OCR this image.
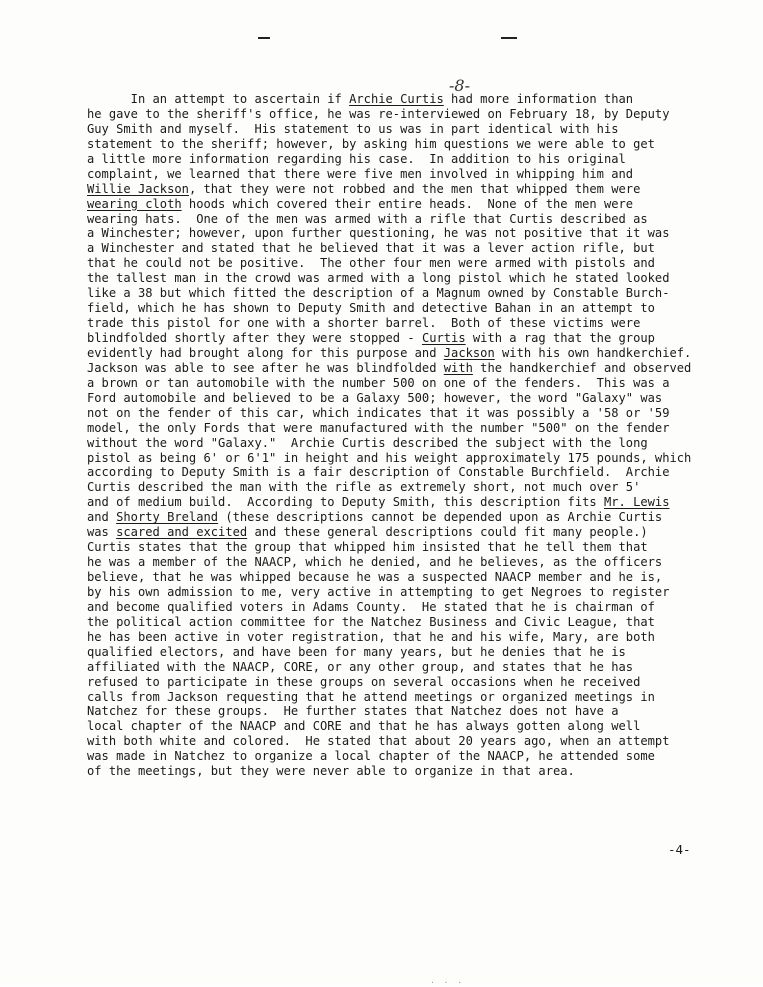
-8-
In an attempt to ascertain if Archie Curtis had more information than
he gave to the sheriff's office, he was re-interviewed on February 18, by Deputy
Guy Smith and myself.  His statement to us was in part identical with his
statement to the sheriff; however, by asking him questions we were able to get
a little more information regarding his case.  In addition to his original
complaint, we learned that there were five men involved in whipping him and
Willie Jackson, that they were not robbed and the men that whipped them were
wearing cloth hoods which covered their entire heads.  None of the men were
wearing hats.  One of the men was armed with a rifle that Curtis described as
a Winchester; however, upon further questioning, he was not positive that it was
a Winchester and stated that he believed that it was a lever action rifle, but
that he could not be positive.  The other four men were armed with pistols and
the tallest man in the crowd was armed with a long pistol which he stated looked
like a 38 but which fitted the description of a Magnum owned by Constable Burch-
field, which he has shown to Deputy Smith and detective Bahan in an attempt to
trade this pistol for one with a shorter barrel.  Both of these victims were
blindfolded shortly after they were stopped - Curtis with a rag that the group
evidently had brought along for this purpose and Jackson with his own handkerchief.
Jackson was able to see after he was blindfolded with the handkerchief and observed
a brown or tan automobile with the number 500 on one of the fenders.  This was a
Ford automobile and believed to be a Galaxy 500; however, the word "Galaxy" was
not on the fender of this car, which indicates that it was possibly a '58 or '59
model, the only Fords that were manufactured with the number "500" on the fender
without the word "Galaxy."  Archie Curtis described the subject with the long
pistol as being 6' or 6'1" in height and his weight approximately 175 pounds, which
according to Deputy Smith is a fair description of Constable Burchfield.  Archie
Curtis described the man with the rifle as extremely short, not much over 5'
and of medium build.  According to Deputy Smith, this description fits Mr. Lewis
and Shorty Breland (these descriptions cannot be depended upon as Archie Curtis
was scared and excited and these general descriptions could fit many people.)
Curtis states that the group that whipped him insisted that he tell them that
he was a member of the NAACP, which he denied, and he believes, as the officers
believe, that he was whipped because he was a suspected NAACP member and he is,
by his own admission to me, very active in attempting to get Negroes to register
and become qualified voters in Adams County.  He stated that he is chairman of
the political action committee for the Natchez Business and Civic League, that
he has been active in voter registration, that he and his wife, Mary, are both
qualified electors, and have been for many years, but he denies that he is
affiliated with the NAACP, CORE, or any other group, and states that he has
refused to participate in these groups on several occasions when he received
calls from Jackson requesting that he attend meetings or organized meetings in
Natchez for these groups.  He further states that Natchez does not have a
local chapter of the NAACP and CORE and that he has always gotten along well
with both white and colored.  He stated that about 20 years ago, when an attempt
was made in Natchez to organize a local chapter of the NAACP, he attended some
of the meetings, but they were never able to organize in that area.
-4-
· · ·
